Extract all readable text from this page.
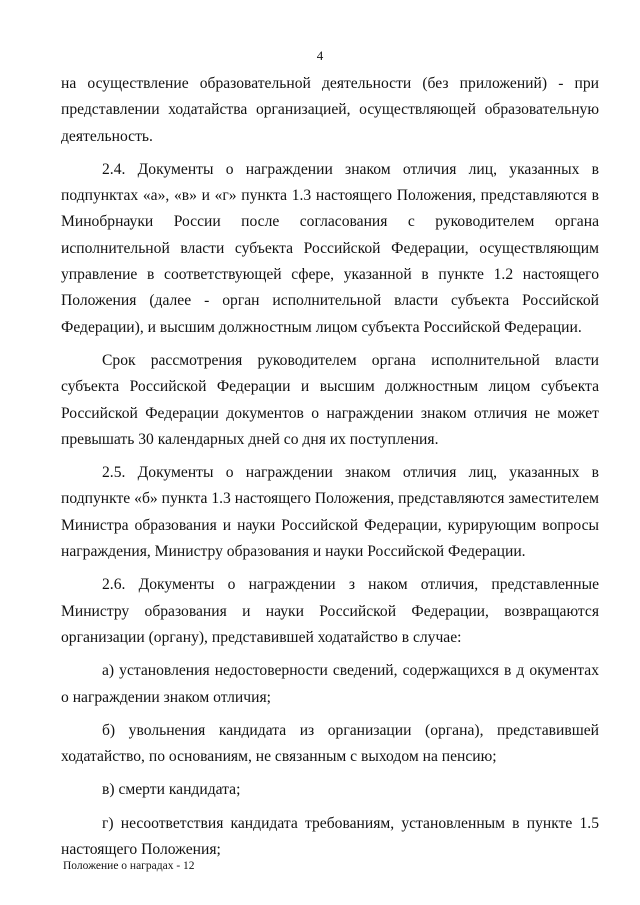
4

на осуществление образовательной деятельности (без приложений) - при представлении ходатайства организацией, осуществляющей образовательную деятельность.

2.4. Документы о награждении знаком отличия лиц, указанных в подпунктах «а», «в» и «г» пункта 1.3 настоящего Положения, представляются в Минобрнауки России после согласования с руководителем органа исполнительной власти субъекта Российской Федерации, осуществляющим управление в соответствующей сфере, указанной в пункте 1.2 настоящего Положения (далее - орган исполнительной власти субъекта Российской Федерации), и высшим должностным лицом субъекта Российской Федерации.

Срок рассмотрения руководителем органа исполнительной власти субъекта Российской Федерации и высшим должностным лицом субъекта Российской Федерации документов о награждении знаком отличия не может превышать 30 календарных дней со дня их поступления.

2.5. Документы о награждении знаком отличия лиц, указанных в подпункте «б» пункта 1.3 настоящего Положения, представляются заместителем Министра образования и науки Российской Федерации, курирующим вопросы награждения, Министру образования и науки Российской Федерации.

2.6. Документы о награждении з наком отличия, представленные Министру образования и науки Российской Федерации, возвращаются организации (органу), представившей ходатайство в случае:

а) установления недостоверности сведений, содержащихся в д окументах о награждении знаком отличия;

б) увольнения кандидата из организации (органа), представившей ходатайство, по основаниям, не связанным с выходом на пенсию;

в) смерти кандидата;

г) несоответствия кандидата требованиям, установленным в пункте 1.5 настоящего Положения;

Положение о наградах - 12
